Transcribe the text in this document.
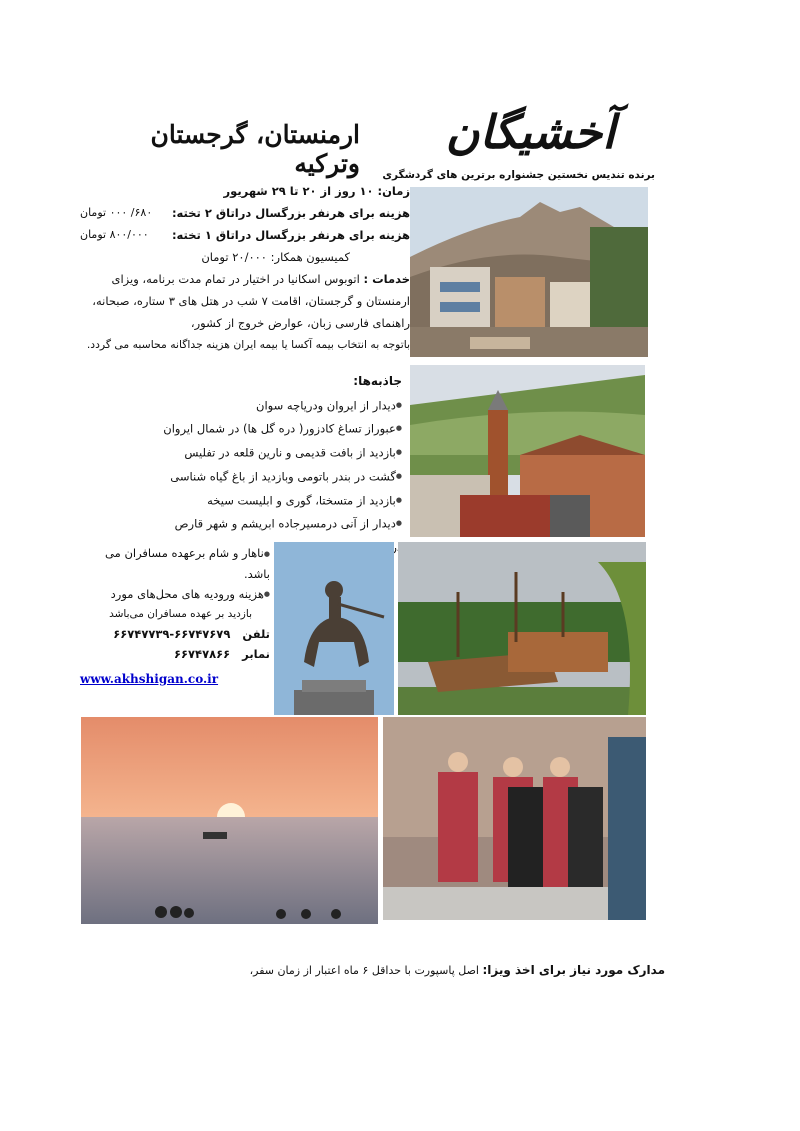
ارمنستان، گرجستان وترکیه
آخشیگان
برنده تندیس نخستین جشنواره برترین های گردشگری
زمان: ۱۰ روز از ۲۰ تا ۲۹ شهریور
هزینه برای هرنفر بزرگسال دراتاق ۲ تخته:
۶۸۰/ ۰۰۰ تومان
هزینه برای هرنفر بزرگسال دراتاق ۱ تخته:
۸۰۰/۰۰۰ تومان
کمیسیون همکار: ۲۰/۰۰۰ تومان
خدمات : اتوبوس اسکانیا در اختیار در تمام مدت برنامه، ویزای ارمنستان و گرجستان، اقامت ۷ شب در هتل های ۳ ستاره، صبحانه، راهنمای فارسی زبان، عوارض خروج از کشور،
باتوجه به انتخاب بیمه آکسا یا بیمه ایران هزینه جداگانه محاسبه می گردد.
جاذبه‌ها:
● دیدار از ایروان ودریاچه سوان
● عبوراز تساغ کادزور( دره گل ها) در شمال ایروان
● بازدید از بافت قدیمی و نارین قلعه در تفلیس
● گشت در بندر باتومی وبازدید از باغ گیاه شناسی
● بازدید از متسختا، گوری و ابلیست سیخه
● دیدار از آنی درمسیرجاده ابریشم و شهر قارص
● ناهار و شام برعهده مسافران می باشد.
● هزینه ورودیه های محل‌های مورد
بازدید بر عهده مسافران می‌باشد
تلفن   ۶۶۷۴۷۶۷۹-۶۶۷۴۷۷۳۹
نمابر   ۶۶۷۴۷۸۶۶
www.akhshigan.co.ir
مدارک مورد نیاز برای اخذ ویزا: اصل پاسپورت با حداقل ۶ ماه اعتبار از زمان سفر،
